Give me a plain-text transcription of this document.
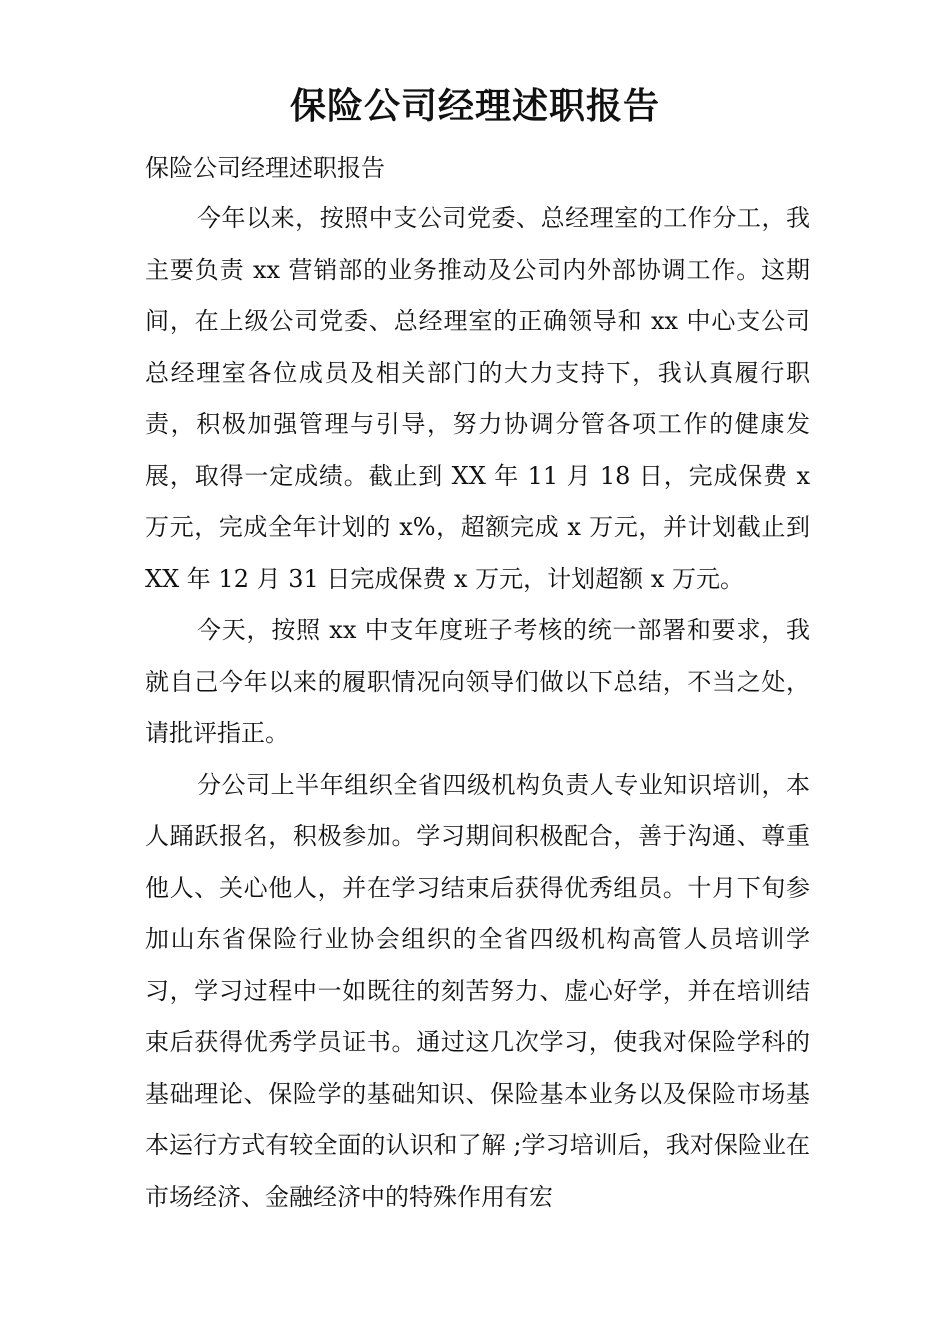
保险公司经理述职报告

保险公司经理述职报告

今年以来，按照中支公司党委、总经理室的工作分工，我主要负责 xx 营销部的业务推动及公司内外部协调工作。这期间，在上级公司党委、总经理室的正确领导和 xx 中心支公司总经理室各位成员及相关部门的大力支持下，我认真履行职责，积极加强管理与引导，努力协调分管各项工作的健康发展，取得一定成绩。截止到 XX 年 11 月 18 日，完成保费 x 万元，完成全年计划的 x%，超额完成 x 万元，并计划截止到 XX 年 12 月 31 日完成保费 x 万元，计划超额 x 万元。

今天，按照 xx 中支年度班子考核的统一部署和要求，我就自己今年以来的履职情况向领导们做以下总结，不当之处，请批评指正。

分公司上半年组织全省四级机构负责人专业知识培训，本人踊跃报名，积极参加。学习期间积极配合，善于沟通、尊重他人、关心他人，并在学习结束后获得优秀组员。十月下旬参加山东省保险行业协会组织的全省四级机构高管人员培训学习，学习过程中一如既往的刻苦努力、虚心好学，并在培训结束后获得优秀学员证书。通过这几次学习，使我对保险学科的基础理论、保险学的基础知识、保险基本业务以及保险市场基本运行方式有较全面的认识和了解 ;学习培训后，我对保险业在市场经济、金融经济中的特殊作用有宏
